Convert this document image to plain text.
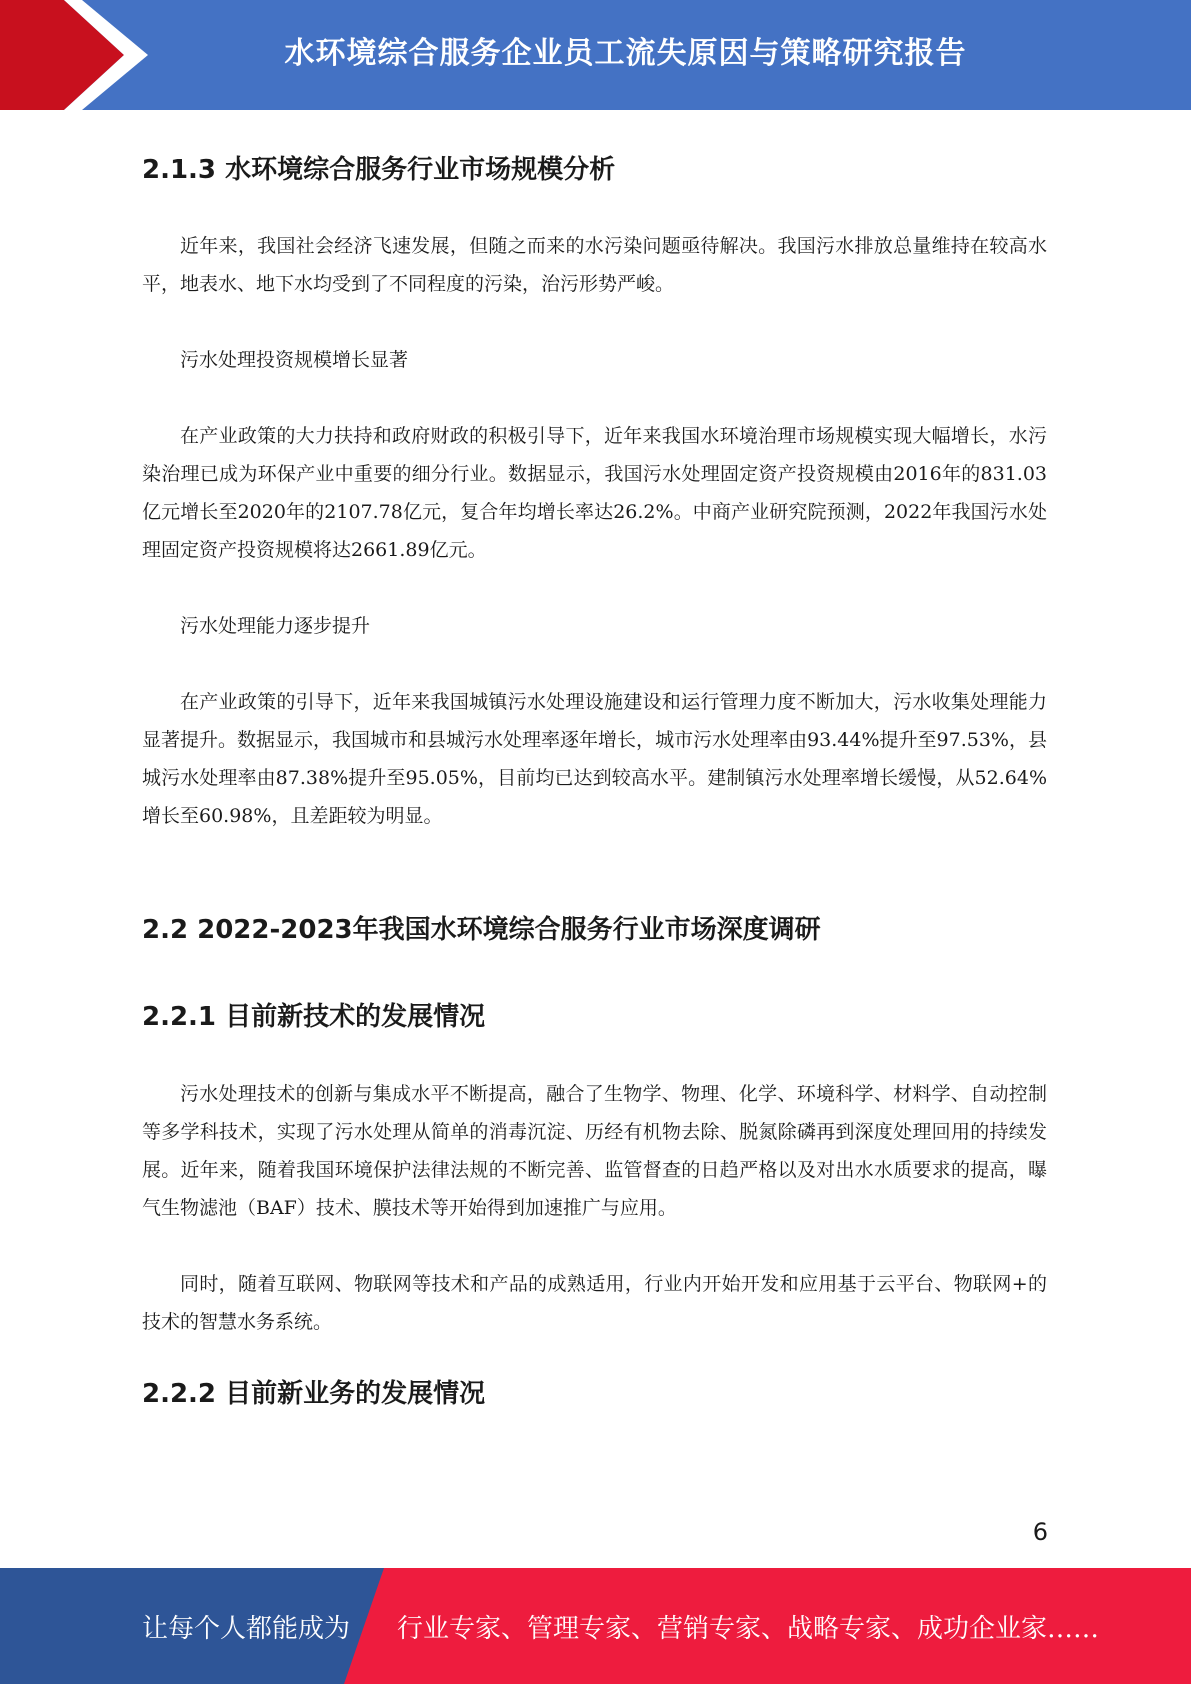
水环境综合服务企业员工流失原因与策略研究报告
2.1.3 水环境综合服务行业市场规模分析

近年来，我国社会经济飞速发展，但随之而来的水污染问题亟待解决。我国污水排放总量维持在较高水平，地表水、地下水均受到了不同程度的污染，治污形势严峻。

污水处理投资规模增长显著

在产业政策的大力扶持和政府财政的积极引导下，近年来我国水环境治理市场规模实现大幅增长，水污染治理已成为环保产业中重要的细分行业。数据显示，我国污水处理固定资产投资规模由2016年的831.03亿元增长至2020年的2107.78亿元，复合年均增长率达26.2%。中商产业研究院预测，2022年我国污水处理固定资产投资规模将达2661.89亿元。

污水处理能力逐步提升

在产业政策的引导下，近年来我国城镇污水处理设施建设和运行管理力度不断加大，污水收集处理能力显著提升。数据显示，我国城市和县城污水处理率逐年增长，城市污水处理率由93.44%提升至97.53%，县城污水处理率由87.38%提升至95.05%，目前均已达到较高水平。建制镇污水处理率增长缓慢，从52.64%增长至60.98%，且差距较为明显。

2.2 2022-2023年我国水环境综合服务行业市场深度调研
2.2.1 目前新技术的发展情况

污水处理技术的创新与集成水平不断提高，融合了生物学、物理、化学、环境科学、材料学、自动控制等多学科技术，实现了污水处理从简单的消毒沉淀、历经有机物去除、脱氮除磷再到深度处理回用的持续发展。近年来，随着我国环境保护法律法规的不断完善、监管督查的日趋严格以及对出水水质要求的提高，曝气生物滤池（BAF）技术、膜技术等开始得到加速推广与应用。

同时，随着互联网、物联网等技术和产品的成熟适用，行业内开始开发和应用基于云平台、物联网+的技术的智慧水务系统。

2.2.2 目前新业务的发展情况
6
让每个人都能成为 行业专家、管理专家、营销专家、战略专家、成功企业家……
